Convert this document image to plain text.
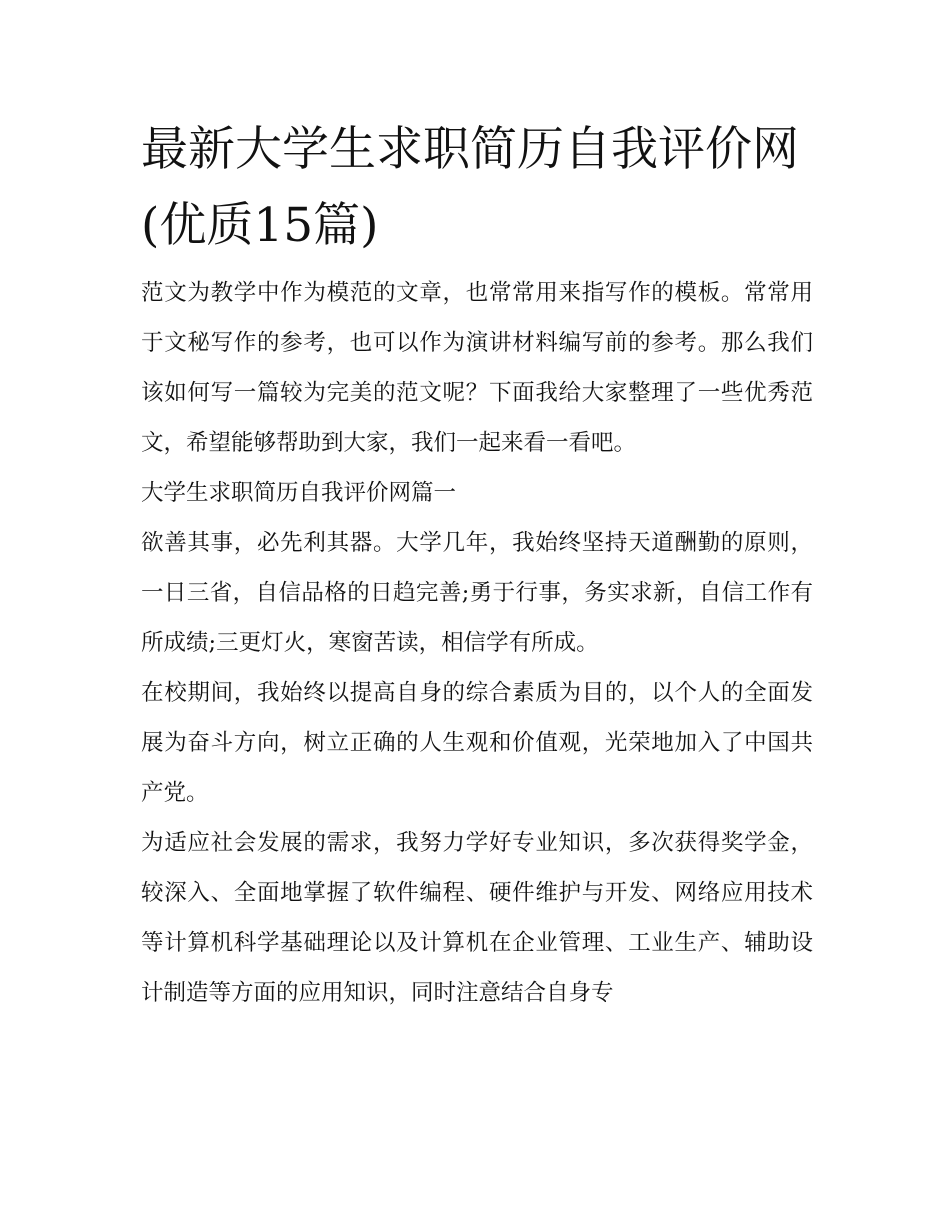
最新大学生求职简历自我评价网(优质15篇)

范文为教学中作为模范的文章，也常常用来指写作的模板。常常用于文秘写作的参考，也可以作为演讲材料编写前的参考。那么我们该如何写一篇较为完美的范文呢？下面我给大家整理了一些优秀范文，希望能够帮助到大家，我们一起来看一看吧。

大学生求职简历自我评价网篇一

欲善其事，必先利其器。大学几年，我始终坚持天道酬勤的原则，一日三省，自信品格的日趋完善;勇于行事，务实求新，自信工作有所成绩;三更灯火，寒窗苦读，相信学有所成。

在校期间，我始终以提高自身的综合素质为目的，以个人的全面发展为奋斗方向，树立正确的人生观和价值观，光荣地加入了中国共产党。

为适应社会发展的需求，我努力学好专业知识，多次获得奖学金，较深入、全面地掌握了软件编程、硬件维护与开发、网络应用技术等计算机科学基础理论以及计算机在企业管理、工业生产、辅助设计制造等方面的应用知识，同时注意结合自身专
